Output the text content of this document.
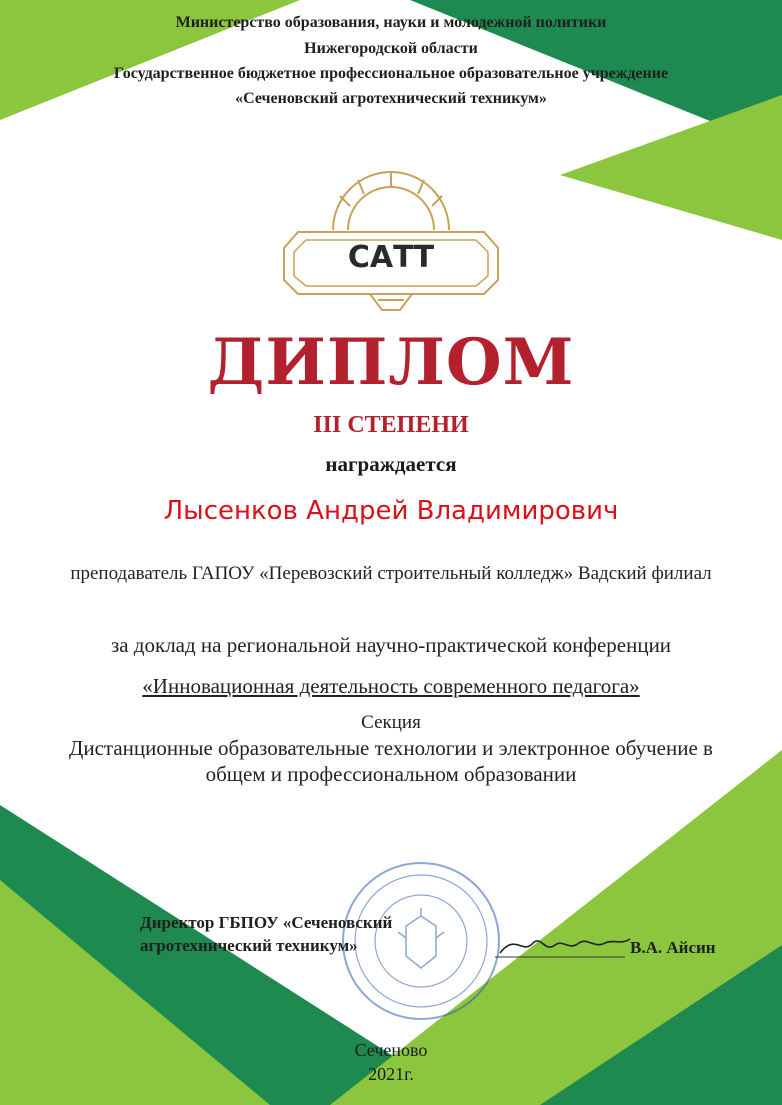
Министерство образования, науки и молодежной политики

Нижегородской области

Государственное бюджетное профессиональное образовательное учреждение

«Сеченовский агротехнический техникум»

САТТ

ДИПЛОМ

III СТЕПЕНИ

награждается

Лысенков Андрей Владимирович

преподаватель ГАПОУ «Перевозский строительный колледж» Вадский филиал

за доклад на региональной научно-практической конференции

«Инновационная деятельность современного педагога»

Секция

Дистанционные образовательные технологии и электронное обучение в

общем и профессиональном образовании

Директор ГБПОУ «Сеченовский

агротехнический техникум»	В.А. Айсин

Сеченово

2021г.
